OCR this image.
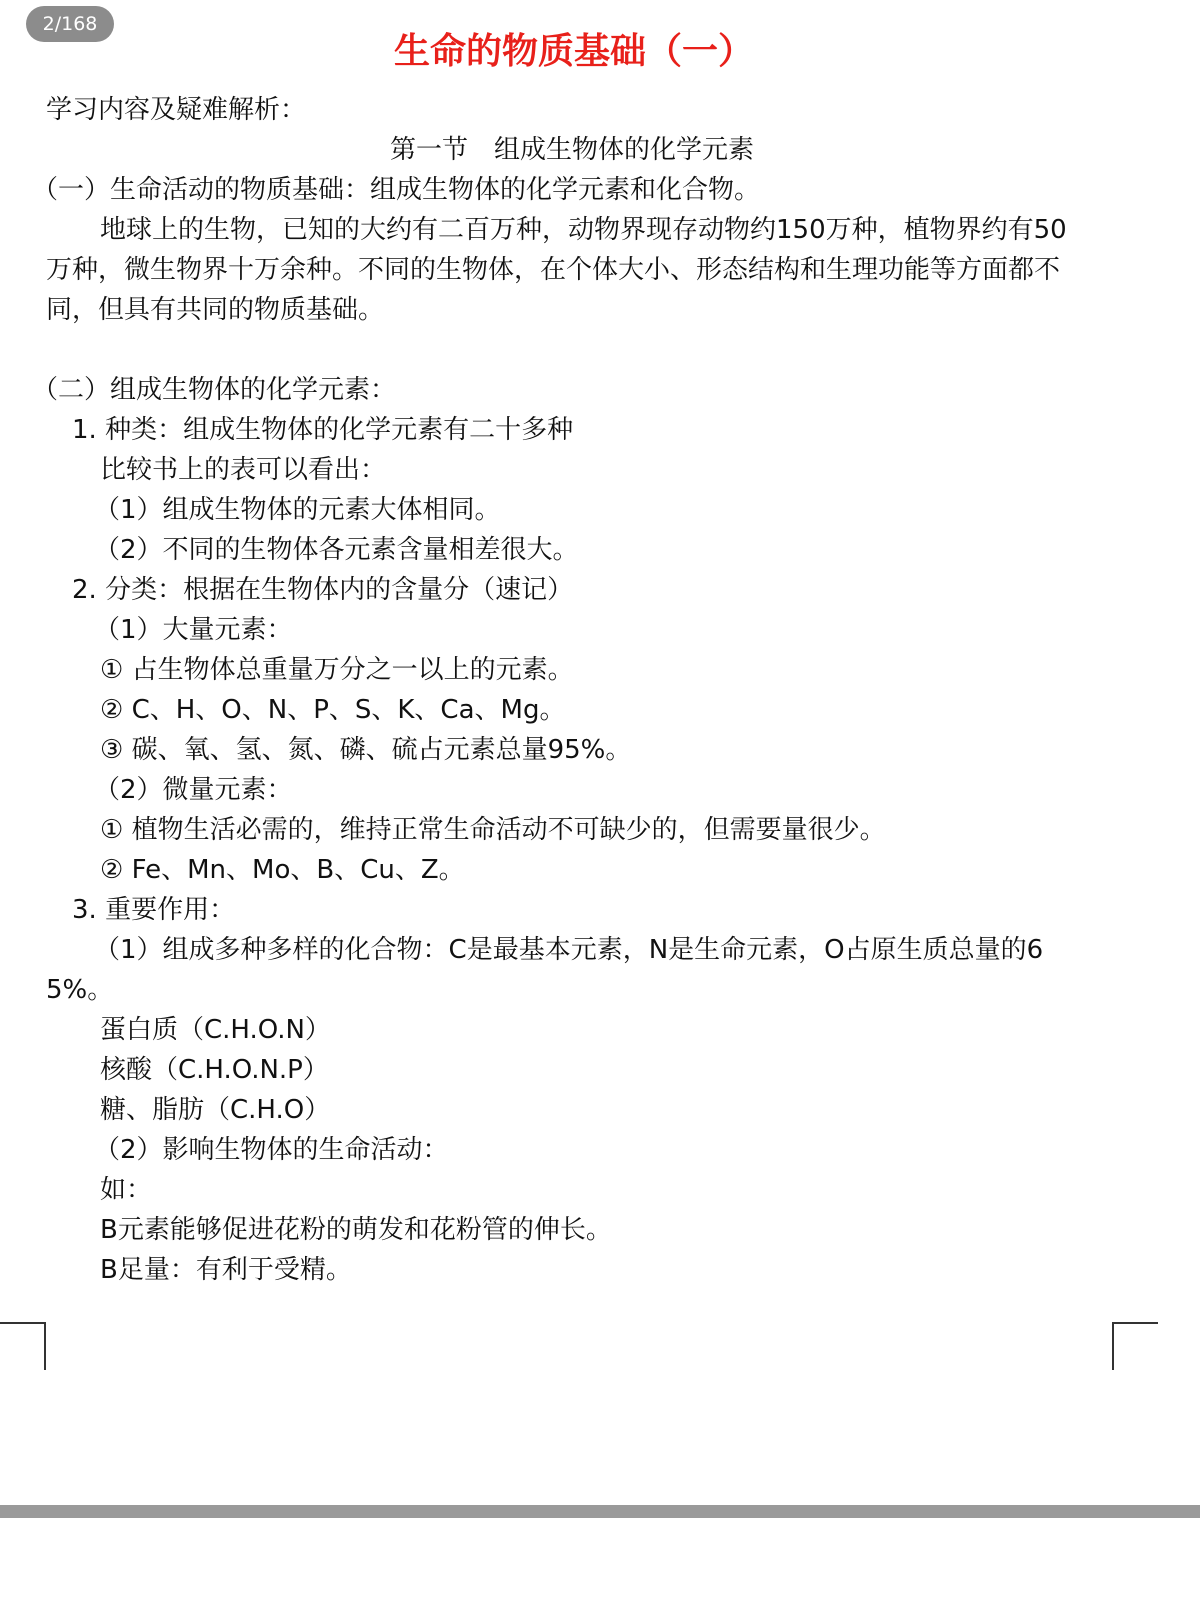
2/168
生命的物质基础（一）
学习内容及疑难解析：
第一节　组成生物体的化学元素
（一）生命活动的物质基础：组成生物体的化学元素和化合物。
地球上的生物，已知的大约有二百万种，动物界现存动物约150万种，植物界约有50
万种，微生物界十万余种。不同的生物体，在个体大小、形态结构和生理功能等方面都不
同，但具有共同的物质基础。
（二）组成生物体的化学元素：
1. 种类：组成生物体的化学元素有二十多种
比较书上的表可以看出：
（1）组成生物体的元素大体相同。
（2）不同的生物体各元素含量相差很大。
2. 分类：根据在生物体内的含量分（速记）
（1）大量元素：
① 占生物体总重量万分之一以上的元素。
② C、H、O、N、P、S、K、Ca、Mg。
③ 碳、氧、氢、氮、磷、硫占元素总量95%。
（2）微量元素：
① 植物生活必需的，维持正常生命活动不可缺少的，但需要量很少。
② Fe、Mn、Mo、B、Cu、Z。
3. 重要作用：
（1）组成多种多样的化合物：C是最基本元素，N是生命元素，O占原生质总量的6
5%。
蛋白质（C.H.O.N）
核酸（C.H.O.N.P）
糖、脂肪（C.H.O）
（2）影响生物体的生命活动：
如：
B元素能够促进花粉的萌发和花粉管的伸长。
B足量：有利于受精。
